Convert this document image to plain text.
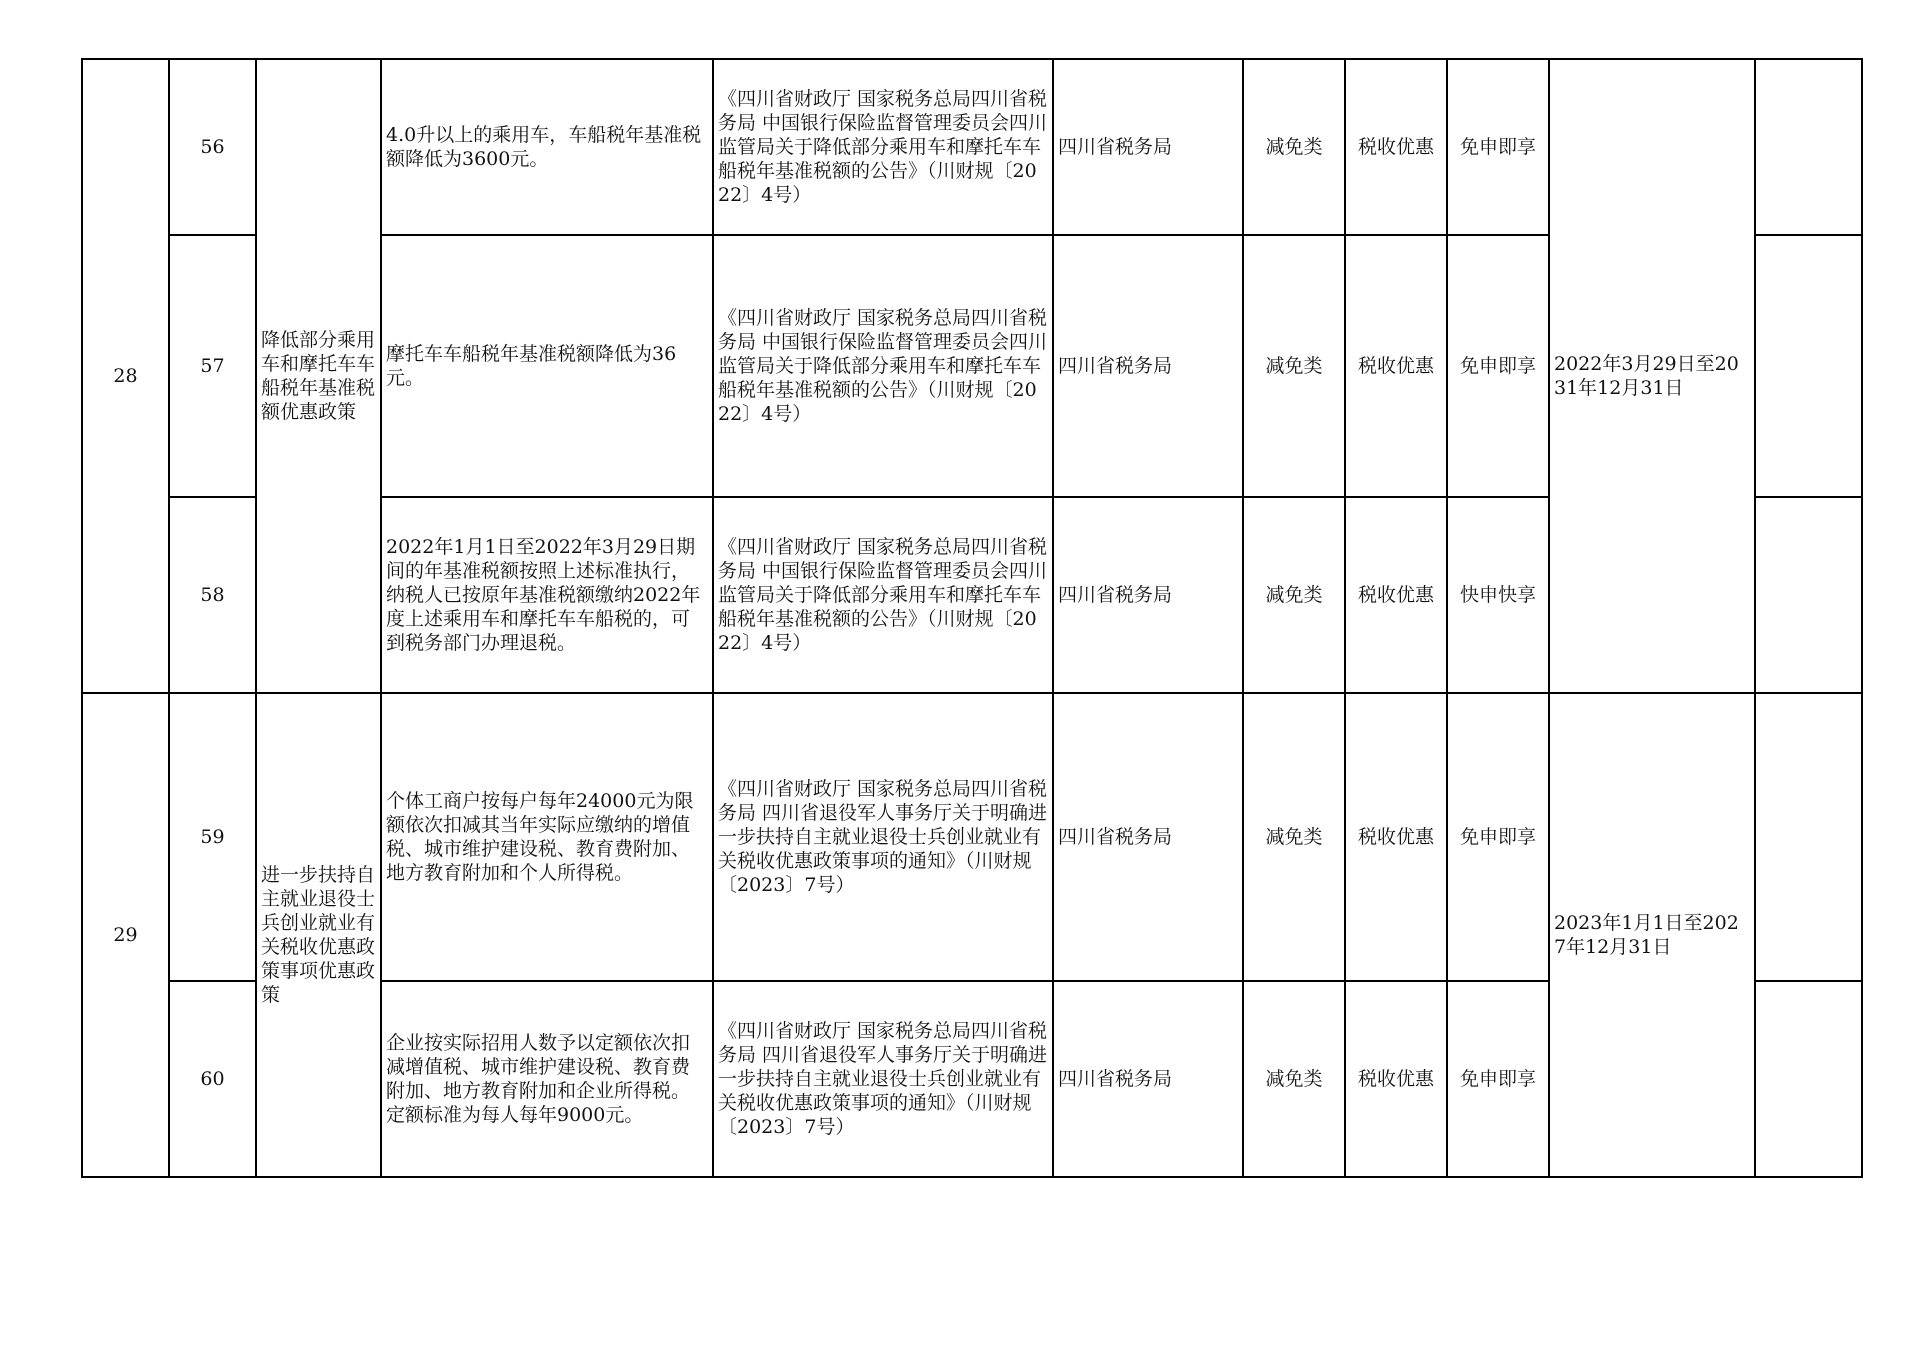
28	56	降低部分乘用车和摩托车车船税年基准税额优惠政策	4.0升以上的乘用车，车船税年基准税额降低为3600元。	《四川省财政厅 国家税务总局四川省税务局 中国银行保险监督管理委员会四川监管局关于降低部分乘用车和摩托车车船税年基准税额的公告》（川财规〔2022〕4号）	四川省税务局	减免类	税收优惠	免申即享	2022年3月29日至2031年12月31日	
	57		摩托车车船税年基准税额降低为36元。	《四川省财政厅 国家税务总局四川省税务局 中国银行保险监督管理委员会四川监管局关于降低部分乘用车和摩托车车船税年基准税额的公告》（川财规〔2022〕4号）	四川省税务局	减免类	税收优惠	免申即享		
	58		2022年1月1日至2022年3月29日期间的年基准税额按照上述标准执行，纳税人已按原年基准税额缴纳2022年度上述乘用车和摩托车车船税的，可到税务部门办理退税。	《四川省财政厅 国家税务总局四川省税务局 中国银行保险监督管理委员会四川监管局关于降低部分乘用车和摩托车车船税年基准税额的公告》（川财规〔2022〕4号）	四川省税务局	减免类	税收优惠	快申快享		
29	59	进一步扶持自主就业退役士兵创业就业有关税收优惠政策事项优惠政策	个体工商户按每户每年24000元为限额依次扣减其当年实际应缴纳的增值税、城市维护建设税、教育费附加、地方教育附加和个人所得税。	《四川省财政厅 国家税务总局四川省税务局 四川省退役军人事务厅关于明确进一步扶持自主就业退役士兵创业就业有关税收优惠政策事项的通知》（川财规〔2023〕7号）	四川省税务局	减免类	税收优惠	免申即享	2023年1月1日至2027年12月31日	
	60		企业按实际招用人数予以定额依次扣减增值税、城市维护建设税、教育费附加、地方教育附加和企业所得税。定额标准为每人每年9000元。	《四川省财政厅 国家税务总局四川省税务局 四川省退役军人事务厅关于明确进一步扶持自主就业退役士兵创业就业有关税收优惠政策事项的通知》（川财规〔2023〕7号）	四川省税务局	减免类	税收优惠	免申即享		
